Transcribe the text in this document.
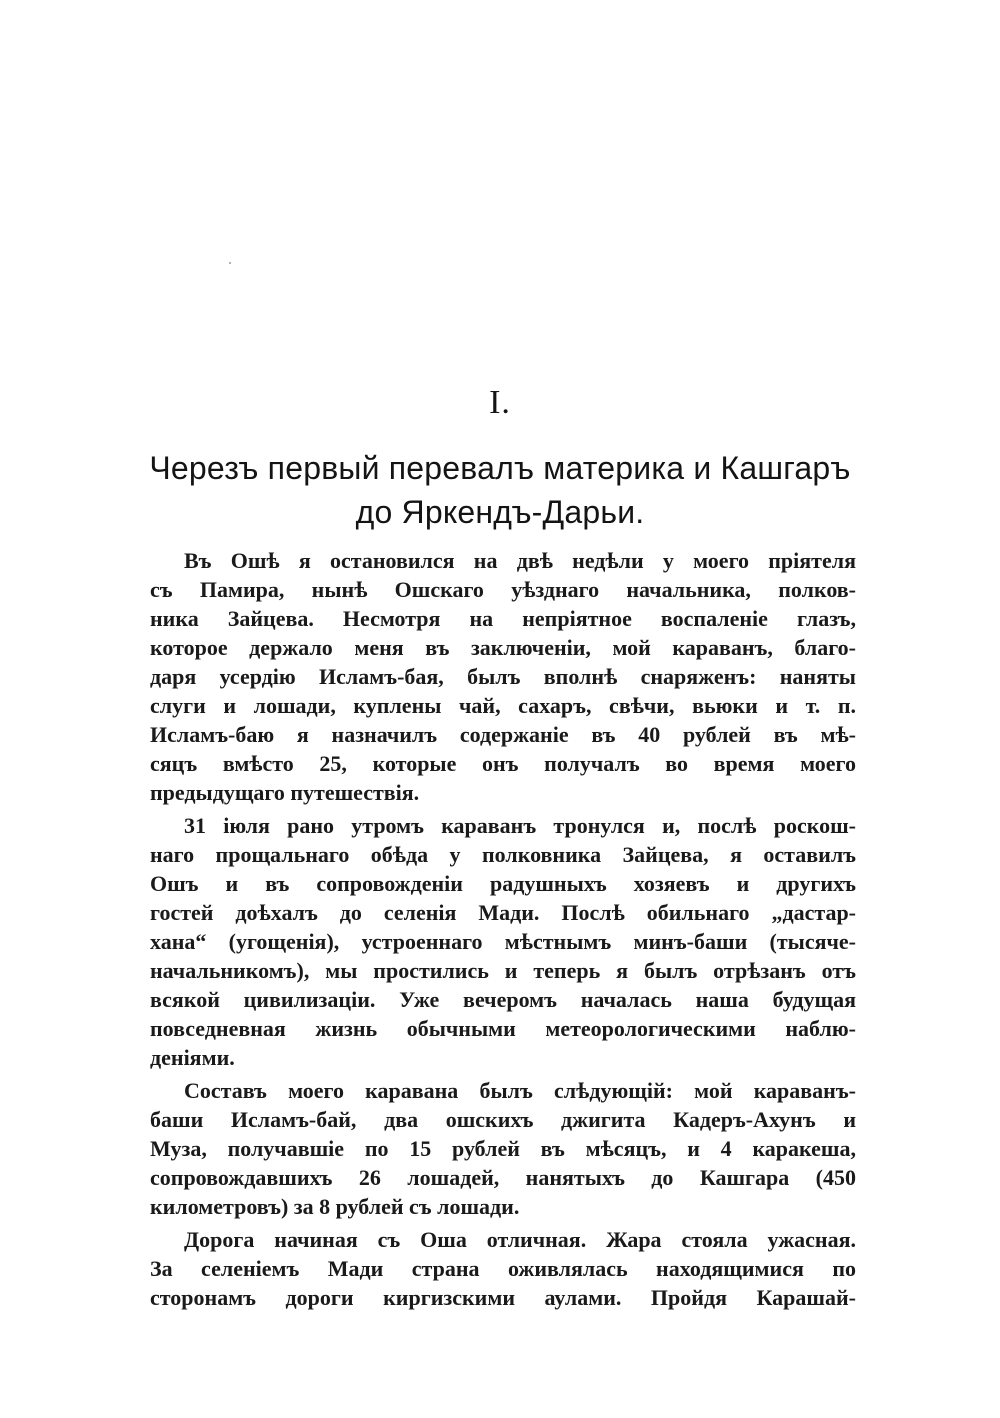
I.
Черезъ первый перевалъ материка и Кашгаръ
до Яркендъ-Дарьи.
Въ Ошѣ я остановился на двѣ недѣли у моего пріятеля
съ Памира, нынѣ Ошскаго уѣзднаго начальника, полков-
ника Зайцева. Несмотря на непріятное воспаленіе глазъ,
которое держало меня въ заключеніи, мой караванъ, благо-
даря усердію Исламъ-бая, былъ вполнѣ снаряженъ: наняты
слуги и лошади, куплены чай, сахаръ, свѣчи, вьюки и т. п.
Исламъ-баю я назначилъ содержаніе въ 40 рублей въ мѣ-
сяцъ вмѣсто 25, которые онъ получалъ во время моего
предыдущаго путешествія.
31 іюля рано утромъ караванъ тронулся и, послѣ роскош-
наго прощальнаго обѣда у полковника Зайцева, я оставилъ
Ошъ и въ сопровожденіи радушныхъ хозяевъ и другихъ
гостей доѣхалъ до селенія Мади. Послѣ обильнаго „дастар-
хана“ (угощенія), устроеннаго мѣстнымъ минъ-баши (тысяче-
начальникомъ), мы простились и теперь я былъ отрѣзанъ отъ
всякой цивилизаціи. Уже вечеромъ началась наша будущая
повседневная жизнь обычными метеорологическими наблю-
деніями.
Составъ моего каравана былъ слѣдующій: мой караванъ-
баши Исламъ-бай, два ошскихъ джигита Кадеръ-Ахунъ и
Муза, получавшіе по 15 рублей въ мѣсяцъ, и 4 каракеша,
сопровождавшихъ 26 лошадей, нанятыхъ до Кашгара (450
километровъ) за 8 рублей съ лошади.
Дорога начиная съ Оша отличная. Жара стояла ужасная.
За селеніемъ Мади страна оживлялась находящимися по
сторонамъ дороги киргизскими аулами. Пройдя Карашай-
